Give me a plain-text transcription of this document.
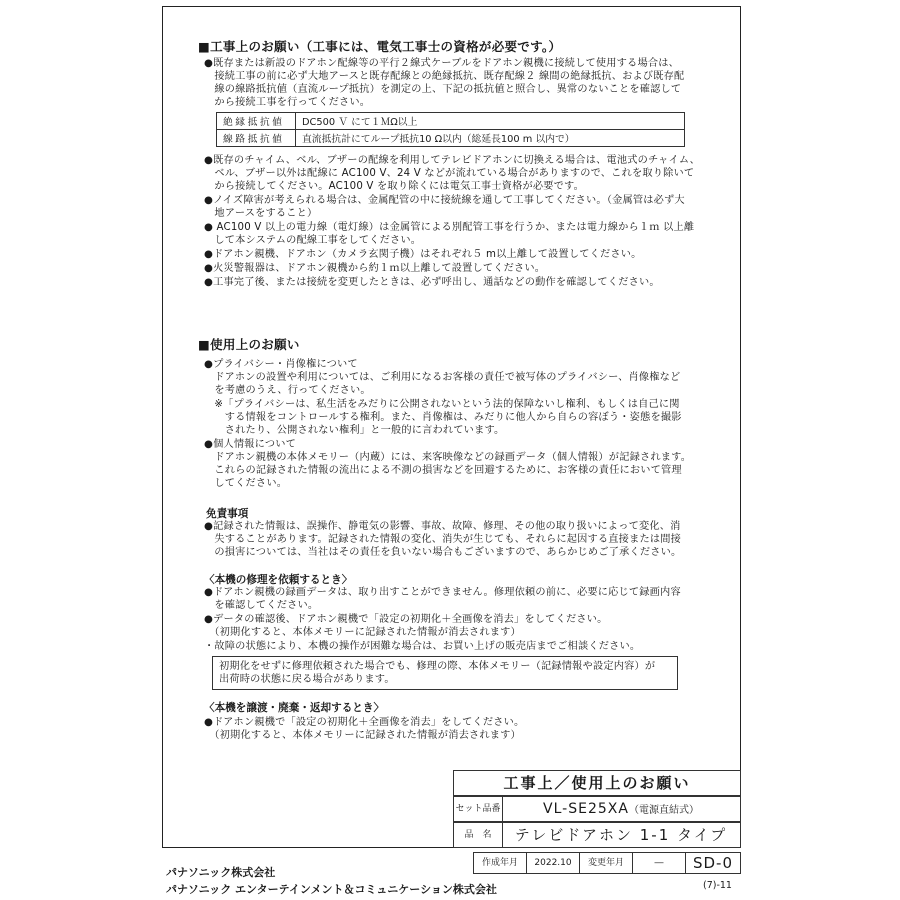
■工事上のお願い（工事には、電気工事士の資格が必要です。）
●既存または新設のドアホン配線等の平行２線式ケーブルをドアホン親機に接続して使用する場合は、
　接続工事の前に必ず大地アースと既存配線との絶縁抵抗、既存配線２ 線間の絶縁抵抗、および既存配
　線の線路抵抗値（直流ループ抵抗）を測定の上、下記の抵抗値と照合し、異常のないことを確認して
　から接続工事を行ってください。
絶縁抵抗値	DC500 Ｖ にて１ＭΩ以上
線路抵抗値	直流抵抗計にてループ抵抗10 Ω以内（総延長100 m 以内で）
●既存のチャイム、ベル、ブザーの配線を利用してテレビドアホンに切換える場合は、電池式のチャイム、
　ベル、ブザー以外は配線に AC100 V、24 V などが流れている場合がありますので、これを取り除いて
　から接続してください。AC100 V を取り除くには電気工事士資格が必要です。
●ノイズ障害が考えられる場合は、金属配管の中に接続線を通して工事してください。（金属管は必ず大
　地アースをすること）
● AC100 V 以上の電力線（電灯線）は金属管による別配管工事を行うか、または電力線から１ｍ 以上離
　して本システムの配線工事をしてください。
●ドアホン親機、ドアホン（カメラ玄関子機）はそれぞれ５ m以上離して設置してください。
●火災警報器は、ドアホン親機から約１ｍ以上離して設置してください。
●工事完了後、または接続を変更したときは、必ず呼出し、通話などの動作を確認してください。
■使用上のお願い
●プライバシー・肖像権について
　ドアホンの設置や利用については、ご利用になるお客様の責任で被写体のプライバシー、肖像権など
　を考慮のうえ、行ってください。
　※「プライバシーは、私生活をみだりに公開されないという法的保障ないし権利、もしくは自己に関
　　する情報をコントロールする権利。また、肖像権は、みだりに他人から自らの容ぼう・姿態を撮影
　　されたり、公開されない権利」と一般的に言われています。
●個人情報について
　ドアホン親機の本体メモリー（内蔵）には、来客映像などの録画データ（個人情報）が記録されます。
　これらの記録された情報の流出による不測の損害などを回避するために、お客様の責任において管理
　してください。
免責事項
●記録された情報は、誤操作、静電気の影響、事故、故障、修理、その他の取り扱いによって変化、消
　失することがあります。記録された情報の変化、消失が生じても、それらに起因する直接または間接
　の損害については、当社はその責任を負いない場合もございますので、あらかじめご了承ください。
〈本機の修理を依頼するとき〉
●ドアホン親機の録画データは、取り出すことができません。修理依頼の前に、必要に応じて録画内容
　を確認してください。
●データの確認後、ドアホン親機で「設定の初期化＋全画像を消去」をしてください。
　（初期化すると、本体メモリーに記録された情報が消去されます）
・故障の状態により、本機の操作が困難な場合は、お買い上げの販売店までご相談ください。
初期化をせずに修理依頼された場合でも、修理の際、本体メモリー（記録情報や設定内容）が
出荷時の状態に戻る場合があります。
〈本機を譲渡・廃棄・返却するとき〉
●ドアホン親機で「設定の初期化＋全画像を消去」をしてください。
　（初期化すると、本体メモリーに記録された情報が消去されます）
工事上／使用上のお願い
セット品番	VL-SE25XA（電源直結式）
品　名	テレビドアホン 1-1 タイプ
作成年月	2022.10	変更年月	―	SD-0
パナソニック株式会社
パナソニック エンターテインメント＆コミュニケーション株式会社	(7)-11
